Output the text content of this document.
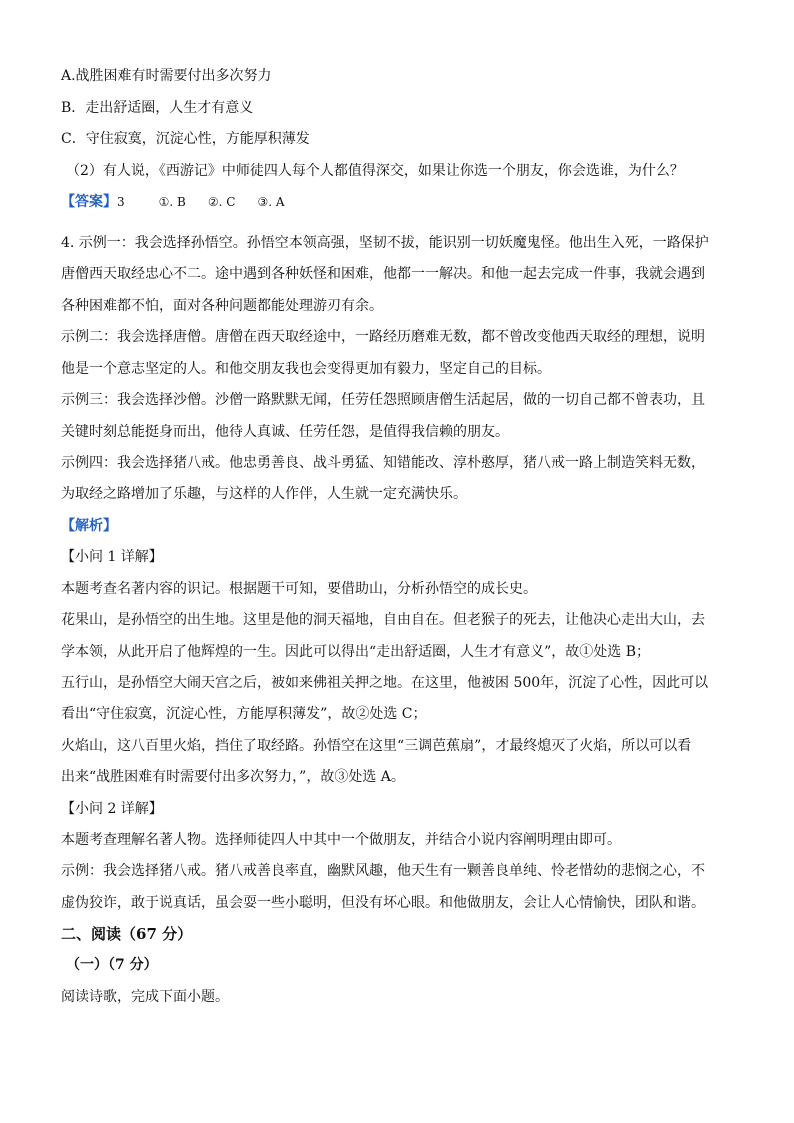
A.战胜困难有时需要付出多次努力
B．走出舒适圈，人生才有意义
C．守住寂寞，沉淀心性，方能厚积薄发
（2）有人说，《西游记》中师徒四人每个人都值得深交，如果让你选一个朋友，你会选谁，为什么？
【答案】3	①. B ②. C ③. A
4. 示例一：我会选择孙悟空。孙悟空本领高强，坚韧不拔，能识别一切妖魔鬼怪。他出生入死，一路保护
唐僧西天取经忠心不二。途中遇到各种妖怪和困难，他都一一解决。和他一起去完成一件事，我就会遇到
各种困难都不怕，面对各种问题都能处理游刃有余。
示例二：我会选择唐僧。唐僧在西天取经途中，一路经历磨难无数，都不曾改变他西天取经的理想，说明
他是一个意志坚定的人。和他交朋友我也会变得更加有毅力，坚定自己的目标。
示例三：我会选择沙僧。沙僧一路默默无闻，任劳任怨照顾唐僧生活起居，做的一切自己都不曾表功，且
关键时刻总能挺身而出，他待人真诚、任劳任怨，是值得我信赖的朋友。
示例四：我会选择猪八戒。他忠勇善良、战斗勇猛、知错能改、淳朴憨厚，猪八戒一路上制造笑料无数，
为取经之路增加了乐趣，与这样的人作伴，人生就一定充满快乐。
【解析】
【小问 1 详解】
本题考查名著内容的识记。根据题干可知，要借助山，分析孙悟空的成长史。
花果山，是孙悟空的出生地。这里是他的洞天福地，自由自在。但老猴子的死去，让他决心走出大山，去
学本领，从此开启了他辉煌的一生。因此可以得出“走出舒适圈，人生才有意义”，故①处选 B；
五行山，是孙悟空大闹天宫之后，被如来佛祖关押之地。在这里，他被困 500年，沉淀了心性，因此可以
看出“守住寂寞，沉淀心性，方能厚积薄发”，故②处选 C；
火焰山，这八百里火焰，挡住了取经路。孙悟空在这里“三调芭蕉扇”，才最终熄灭了火焰，所以可以看
出来“战胜困难有时需要付出多次努力，”，故③处选 A。
【小问 2 详解】
本题考查理解名著人物。选择师徒四人中其中一个做朋友，并结合小说内容阐明理由即可。
示例：我会选择猪八戒。猪八戒善良率直，幽默风趣，他天生有一颗善良单纯、怜老惜幼的悲悯之心，不
虚伪狡诈，敢于说真话，虽会耍一些小聪明，但没有坏心眼。和他做朋友，会让人心情愉快，团队和谐。
二、阅读（67 分）
（一）（7 分）
阅读诗歌，完成下面小题。
